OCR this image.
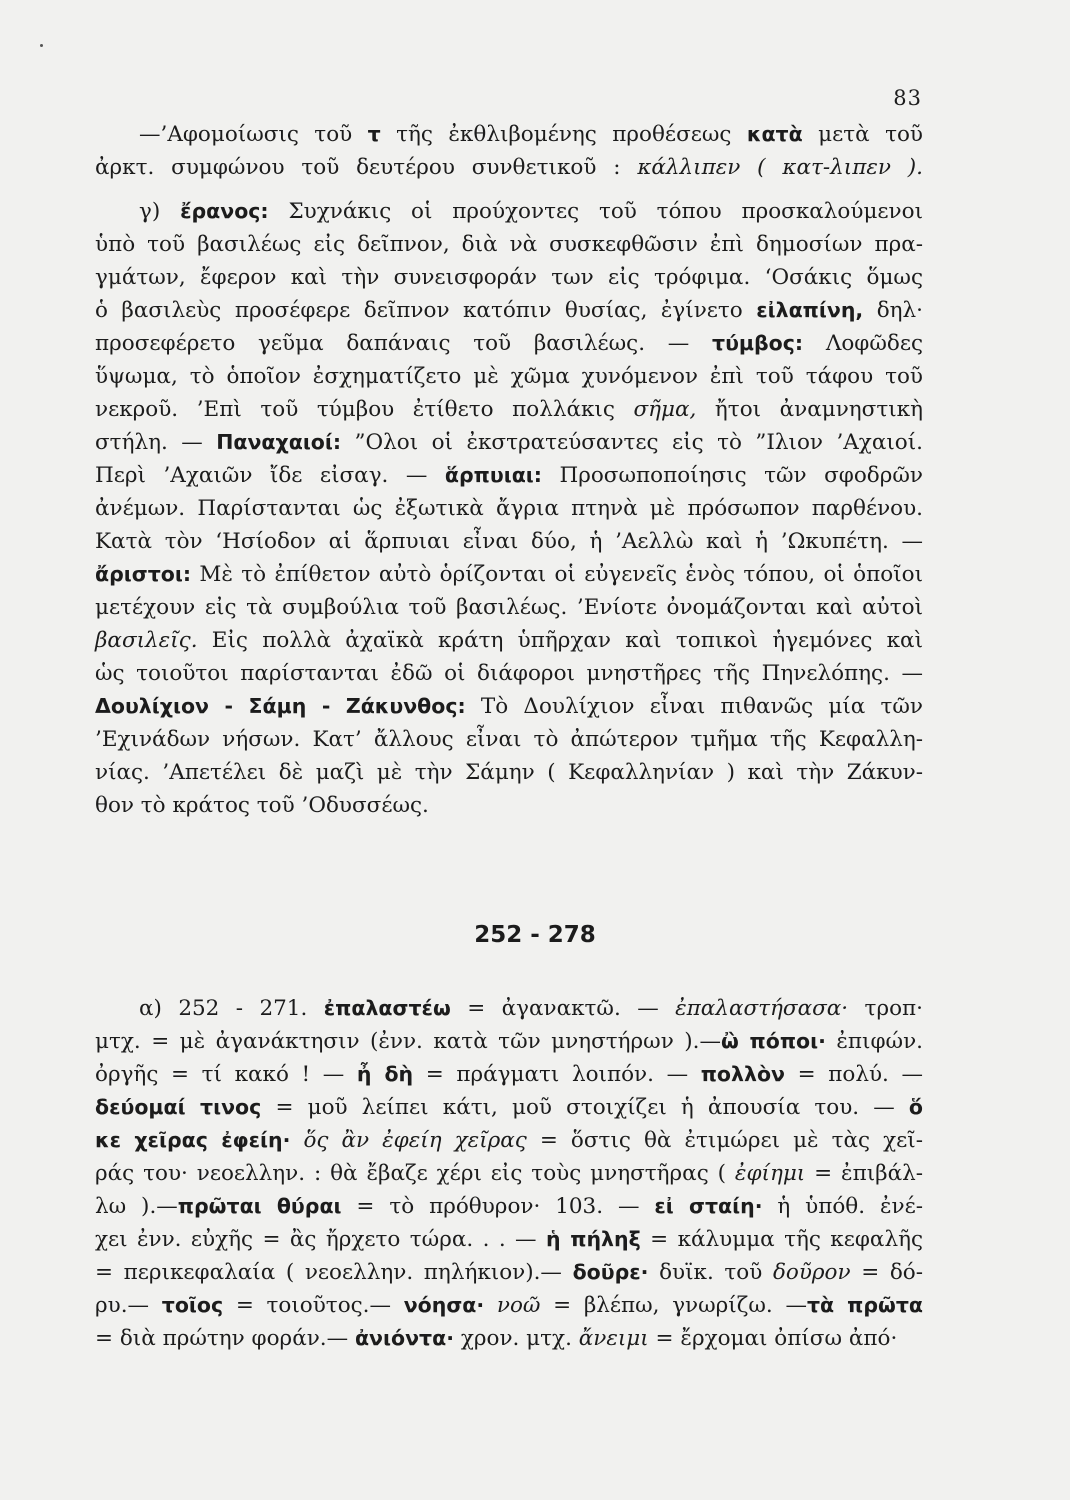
83
—’Αφομοίωσις τοῦ τ τῆς ἐκθλιβομένης προθέσεως κατὰ μετὰ τοῦ
ἀρκτ. συμφώνου τοῦ δευτέρου συνθετικοῦ : κάλλιπεν ( κατ-λιπεν ).
γ) ἔρανος: Συχνάκις οἱ προύχοντες τοῦ τόπου προσκαλούμενοι
ὑπὸ τοῦ βασιλέως εἰς δεῖπνον, διὰ νὰ συσκεφθῶσιν ἐπὶ δημοσίων πρα-
γμάτων, ἔφερον καὶ τὴν συνεισφοράν των εἰς τρόφιμα. ‘Οσάκις ὅμως
ὁ βασιλεὺς προσέφερε δεῖπνον κατόπιν θυσίας, ἐγίνετο εἰλαπίνη, δηλ·
προσεφέρετο γεῦμα δαπάναις τοῦ βασιλέως. — τύμβος: Λοφῶδες
ὕψωμα, τὸ ὁποῖον ἐσχηματίζετο μὲ χῶμα χυνόμενον ἐπὶ τοῦ τάφου τοῦ
νεκροῦ. ’Επὶ τοῦ τύμβου ἐτίθετο πολλάκις σῆμα, ἤτοι ἀναμνηστικὴ
στήλη. — Παναχαιοί: ”Ολοι οἱ ἐκστρατεύσαντες εἰς τὸ ”Ιλιον ’Αχαιοί.
Περὶ ’Αχαιῶν ἴδε εἰσαγ. — ἅρπυιαι: Προσωποποίησις τῶν σφοδρῶν
ἀνέμων. Παρίστανται ὡς ἐξωτικὰ ἄγρια πτηνὰ μὲ πρόσωπον παρθένου.
Κατὰ τὸν ‘Ησίοδον αἱ ἅρπυιαι εἶναι δύο, ἡ ’Αελλὼ καὶ ἡ ’Ωκυπέτη. —
ἄριστοι: Μὲ τὸ ἐπίθετον αὐτὸ ὁρίζονται οἱ εὐγενεῖς ἑνὸς τόπου, οἱ ὁποῖοι
μετέχουν εἰς τὰ συμβούλια τοῦ βασιλέως. ’Ενίοτε ὀνομάζονται καὶ αὐτοὶ
βασιλεῖς. Εἰς πολλὰ ἀχαϊκὰ κράτη ὑπῆρχαν καὶ τοπικοὶ ἡγεμόνες καὶ
ὡς τοιοῦτοι παρίστανται ἐδῶ οἱ διάφοροι μνηστῆρες τῆς Πηνελόπης. —
Δουλίχιον - Σάμη - Ζάκυνθος: Τὸ Δουλίχιον εἶναι πιθανῶς μία τῶν
’Εχινάδων νήσων. Κατ’ ἄλλους εἶναι τὸ ἀπώτερον τμῆμα τῆς Κεφαλλη-
νίας. ’Απετέλει δὲ μαζὶ μὲ τὴν Σάμην ( Κεφαλληνίαν ) καὶ τὴν Ζάκυν-
θον τὸ κράτος τοῦ ’Οδυσσέως.
252 - 278
α) 252 - 271. ἐπαλαστέω = ἀγανακτῶ. — ἐπαλαστήσασα· τροπ·
μτχ. = μὲ ἀγανάκτησιν (ἐνν. κατὰ τῶν μνηστήρων ).—ὢ πόποι· ἐπιφών.
ὀργῆς = τί κακό ! — ἦ δὴ = πράγματι λοιπόν. — πολλὸν = πολύ. —
δεύομαί τινος = μοῦ λείπει κάτι, μοῦ στοιχίζει ἡ ἀπουσία του. — ὅ
κε χεῖρας ἐφείη· ὅς ἂν ἐφείη χεῖρας = ὅστις θὰ ἐτιμώρει μὲ τὰς χεῖ-
ράς του· νεοελλην. : θὰ ἔβαζε χέρι εἰς τοὺς μνηστῆρας ( ἐφίημι = ἐπιβάλ-
λω ).—πρῶται θύραι = τὸ πρόθυρον· 103. — εἰ σταίη· ἡ ὑπόθ. ἐνέ-
χει ἐνν. εὐχῆς = ἂς ἤρχετο τώρα. . . — ἡ πήληξ = κάλυμμα τῆς κεφαλῆς
= περικεφαλαία ( νεοελλην. πηλήκιον).— δοῦρε· δυϊκ. τοῦ δοῦρον = δό-
ρυ.— τοῖος = τοιοῦτος.— νόησα· νοῶ = βλέπω, γνωρίζω. —τὰ πρῶτα
= διὰ πρώτην φοράν.— ἀνιόντα· χρον. μτχ. ἄνειμι = ἔρχομαι ὀπίσω ἀπό·
